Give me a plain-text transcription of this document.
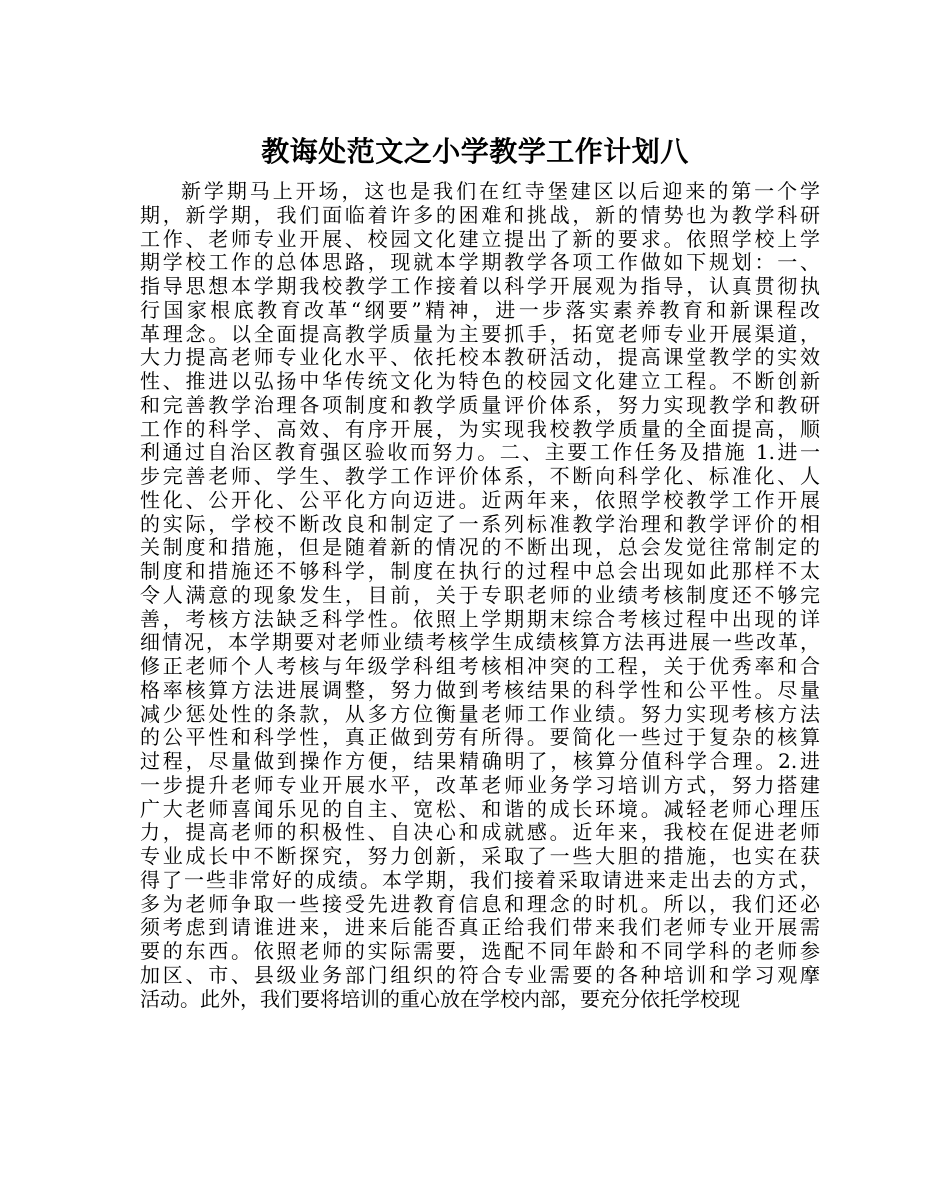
教诲处范文之小学教学工作计划八
新学期马上开场，这也是我们在红寺堡建区以后迎来的第一个学
期，新学期，我们面临着许多的困难和挑战，新的情势也为教学科研
工作、老师专业开展、校园文化建立提出了新的要求。依照学校上学
期学校工作的总体思路，现就本学期教学各项工作做如下规划：一、
指导思想本学期我校教学工作接着以科学开展观为指导，认真贯彻执
行国家根底教育改革“纲要”精神，进一步落实素养教育和新课程改
革理念。以全面提高教学质量为主要抓手，拓宽老师专业开展渠道，
大力提高老师专业化水平、依托校本教研活动，提高课堂教学的实效
性、推进以弘扬中华传统文化为特色的校园文化建立工程。不断创新
和完善教学治理各项制度和教学质量评价体系，努力实现教学和教研
工作的科学、高效、有序开展，为实现我校教学质量的全面提高，顺
利通过自治区教育强区验收而努力。二、主要工作任务及措施 1.进一
步完善老师、学生、教学工作评价体系，不断向科学化、标准化、人
性化、公开化、公平化方向迈进。近两年来，依照学校教学工作开展
的实际，学校不断改良和制定了一系列标准教学治理和教学评价的相
关制度和措施，但是随着新的情况的不断出现，总会发觉往常制定的
制度和措施还不够科学，制度在执行的过程中总会出现如此那样不太
令人满意的现象发生，目前，关于专职老师的业绩考核制度还不够完
善，考核方法缺乏科学性。依照上学期期末综合考核过程中出现的详
细情况，本学期要对老师业绩考核学生成绩核算方法再进展一些改革，
修正老师个人考核与年级学科组考核相冲突的工程，关于优秀率和合
格率核算方法进展调整，努力做到考核结果的科学性和公平性。尽量
减少惩处性的条款，从多方位衡量老师工作业绩。努力实现考核方法
的公平性和科学性，真正做到劳有所得。要简化一些过于复杂的核算
过程，尽量做到操作方便，结果精确明了，核算分值科学合理。2.进
一步提升老师专业开展水平，改革老师业务学习培训方式，努力搭建
广大老师喜闻乐见的自主、宽松、和谐的成长环境。减轻老师心理压
力，提高老师的积极性、自决心和成就感。近年来，我校在促进老师
专业成长中不断探究，努力创新，采取了一些大胆的措施，也实在获
得了一些非常好的成绩。本学期，我们接着采取请进来走出去的方式，
多为老师争取一些接受先进教育信息和理念的时机。所以，我们还必
须考虑到请谁进来，进来后能否真正给我们带来我们老师专业开展需
要的东西。依照老师的实际需要，选配不同年龄和不同学科的老师参
加区、市、县级业务部门组织的符合专业需要的各种培训和学习观摩
活动。此外，我们要将培训的重心放在学校内部，要充分依托学校现
